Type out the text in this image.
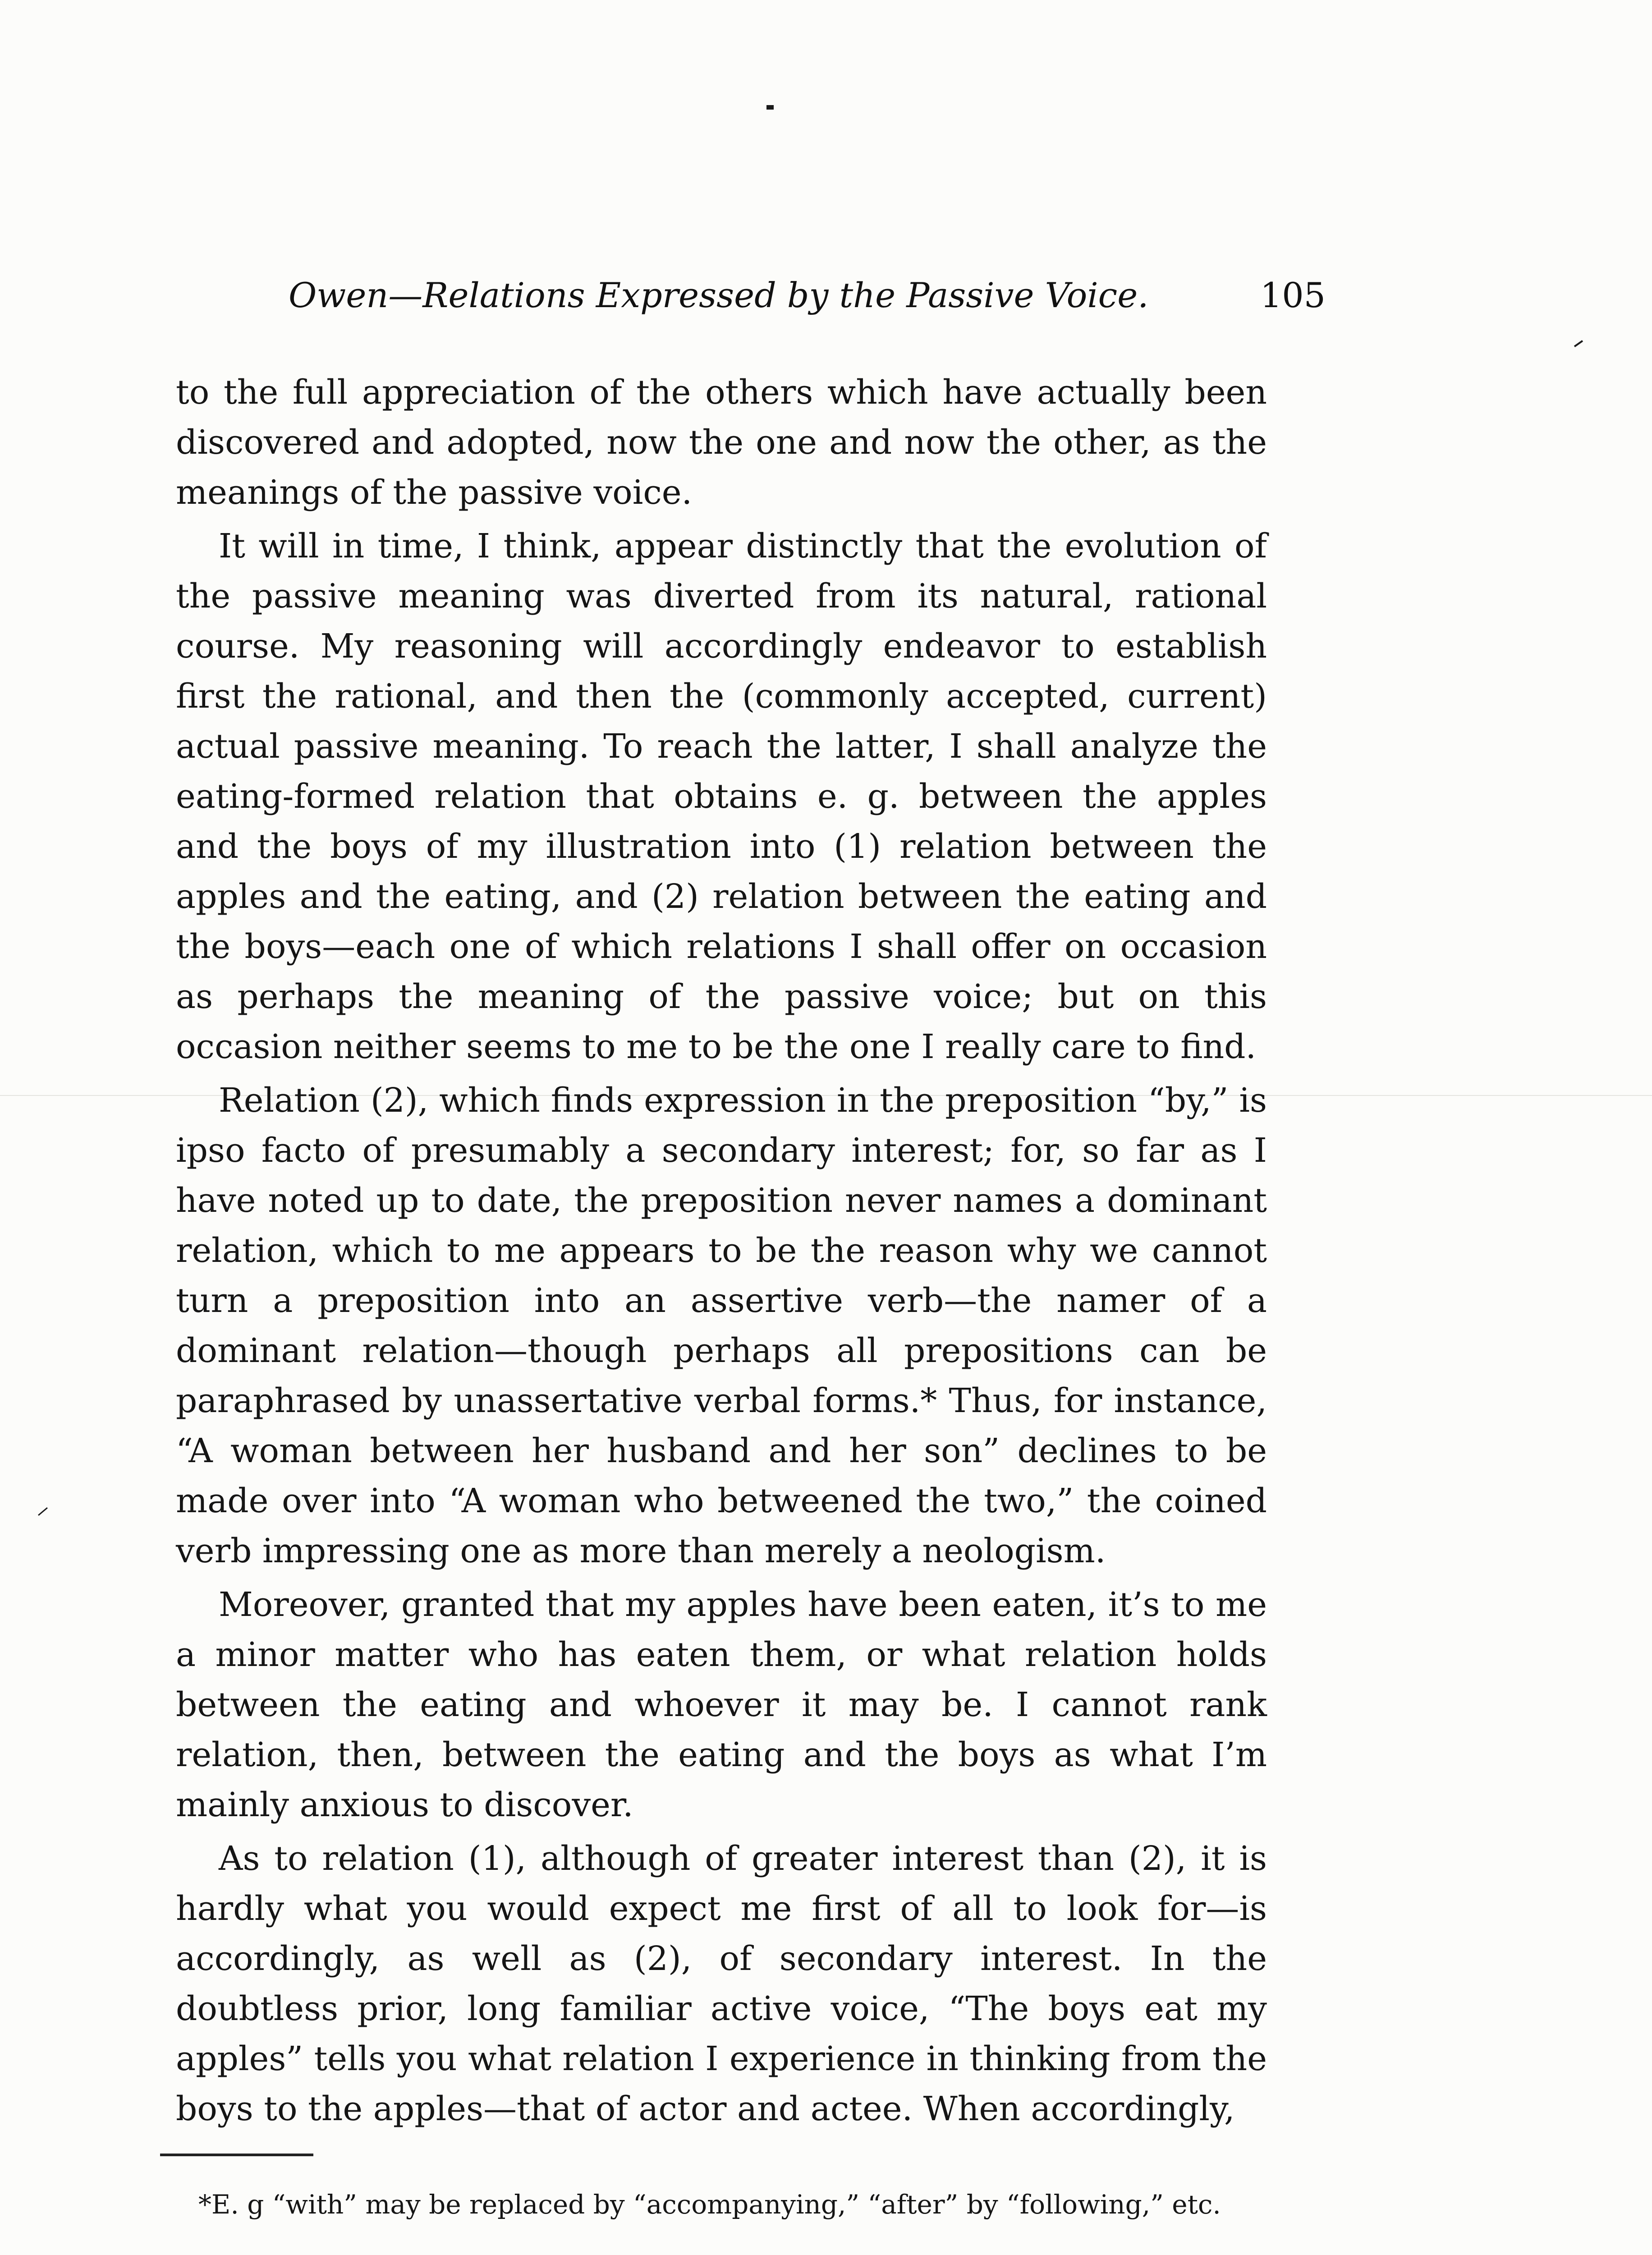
Owen—Relations Expressed by the Passive Voice.	105

to the full appreciation of the others which have actually been discovered and adopted, now the one and now the other, as the meanings of the passive voice.

It will in time, I think, appear distinctly that the evolution of the passive meaning was diverted from its natural, rational course. My reasoning will accordingly endeavor to establish first the rational, and then the (commonly accepted, current) actual passive meaning. To reach the latter, I shall analyze the eating-formed relation that obtains e. g. between the apples and the boys of my illustration into (1) relation between the apples and the eating, and (2) relation between the eating and the boys—each one of which relations I shall offer on occasion as perhaps the meaning of the passive voice; but on this occasion neither seems to me to be the one I really care to find.

Relation (2), which finds expression in the preposition “by,” is ipso facto of presumably a secondary interest; for, so far as I have noted up to date, the preposition never names a dominant relation, which to me appears to be the reason why we cannot turn a preposition into an assertive verb—the namer of a dominant relation—though perhaps all prepositions can be paraphrased by unassertative verbal forms.* Thus, for instance, “A woman between her husband and her son” declines to be made over into “A woman who betweened the two,” the coined verb impressing one as more than merely a neologism.

Moreover, granted that my apples have been eaten, it’s to me a minor matter who has eaten them, or what relation holds between the eating and whoever it may be. I cannot rank relation, then, between the eating and the boys as what I’m mainly anxious to discover.

As to relation (1), although of greater interest than (2), it is hardly what you would expect me first of all to look for—is accordingly, as well as (2), of secondary interest. In the doubtless prior, long familiar active voice, “The boys eat my apples” tells you what relation I experience in thinking from the boys to the apples—that of actor and actee. When accordingly,

*E. g “with” may be replaced by “accompanying,” “after” by “following,” etc.
